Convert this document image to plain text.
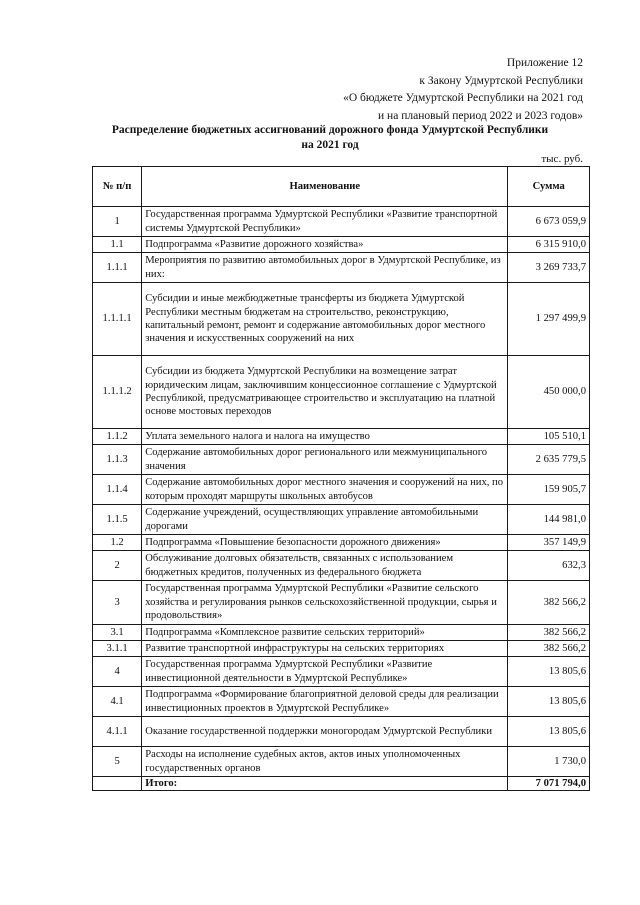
Приложение 12
к Закону Удмуртской Республики
«О бюджете Удмуртской Республики на 2021 год
и на плановый период 2022 и 2023 годов»
Распределение бюджетных ассигнований дорожного фонда Удмуртской Республики
на 2021 год
тыс. руб.
№ п/п	Наименование	Сумма
1	Государственная программа Удмуртской Республики «Развитие транспортной системы Удмуртской Республики»	6 673 059,9
1.1	Подпрограмма «Развитие дорожного хозяйства»	6 315 910,0
1.1.1	Мероприятия по развитию автомобильных дорог в Удмуртской Республике, из них:	3 269 733,7
1.1.1.1	Субсидии и иные межбюджетные трансферты из бюджета Удмуртской Республики местным бюджетам на строительство, реконструкцию, капитальный ремонт, ремонт и содержание автомобильных дорог местного значения и искусственных сооружений на них	1 297 499,9
1.1.1.2	Субсидии из бюджета Удмуртской Республики на возмещение затрат юридическим лицам, заключившим концессионное соглашение с Удмуртской Республикой, предусматривающее строительство и эксплуатацию на платной основе мостовых переходов	450 000,0
1.1.2	Уплата земельного налога и налога на имущество	105 510,1
1.1.3	Содержание автомобильных дорог регионального или межмуниципального значения	2 635 779,5
1.1.4	Содержание автомобильных дорог местного значения и сооружений на них, по которым проходят маршруты школьных автобусов	159 905,7
1.1.5	Содержание учреждений, осуществляющих управление автомобильными дорогами	144 981,0
1.2	Подпрограмма «Повышение безопасности дорожного движения»	357 149,9
2	Обслуживание долговых обязательств, связанных с использованием бюджетных кредитов, полученных из федерального бюджета	632,3
3	Государственная программа Удмуртской Республики «Развитие сельского хозяйства и регулирования рынков сельскохозяйственной продукции, сырья и продовольствия»	382 566,2
3.1	Подпрограмма «Комплексное развитие сельских территорий»	382 566,2
3.1.1	Развитие транспортной инфраструктуры на сельских территориях	382 566,2
4	Государственная программа Удмуртской Республики «Развитие инвестиционной деятельности в Удмуртской Республике»	13 805,6
4.1	Подпрограмма «Формирование благоприятной деловой среды для реализации инвестиционных проектов в Удмуртской Республике»	13 805,6
4.1.1	Оказание государственной поддержки моногородам Удмуртской Республики	13 805,6
5	Расходы на исполнение судебных актов, актов иных уполномоченных государственных органов	1 730,0
	Итого:	7 071 794,0
